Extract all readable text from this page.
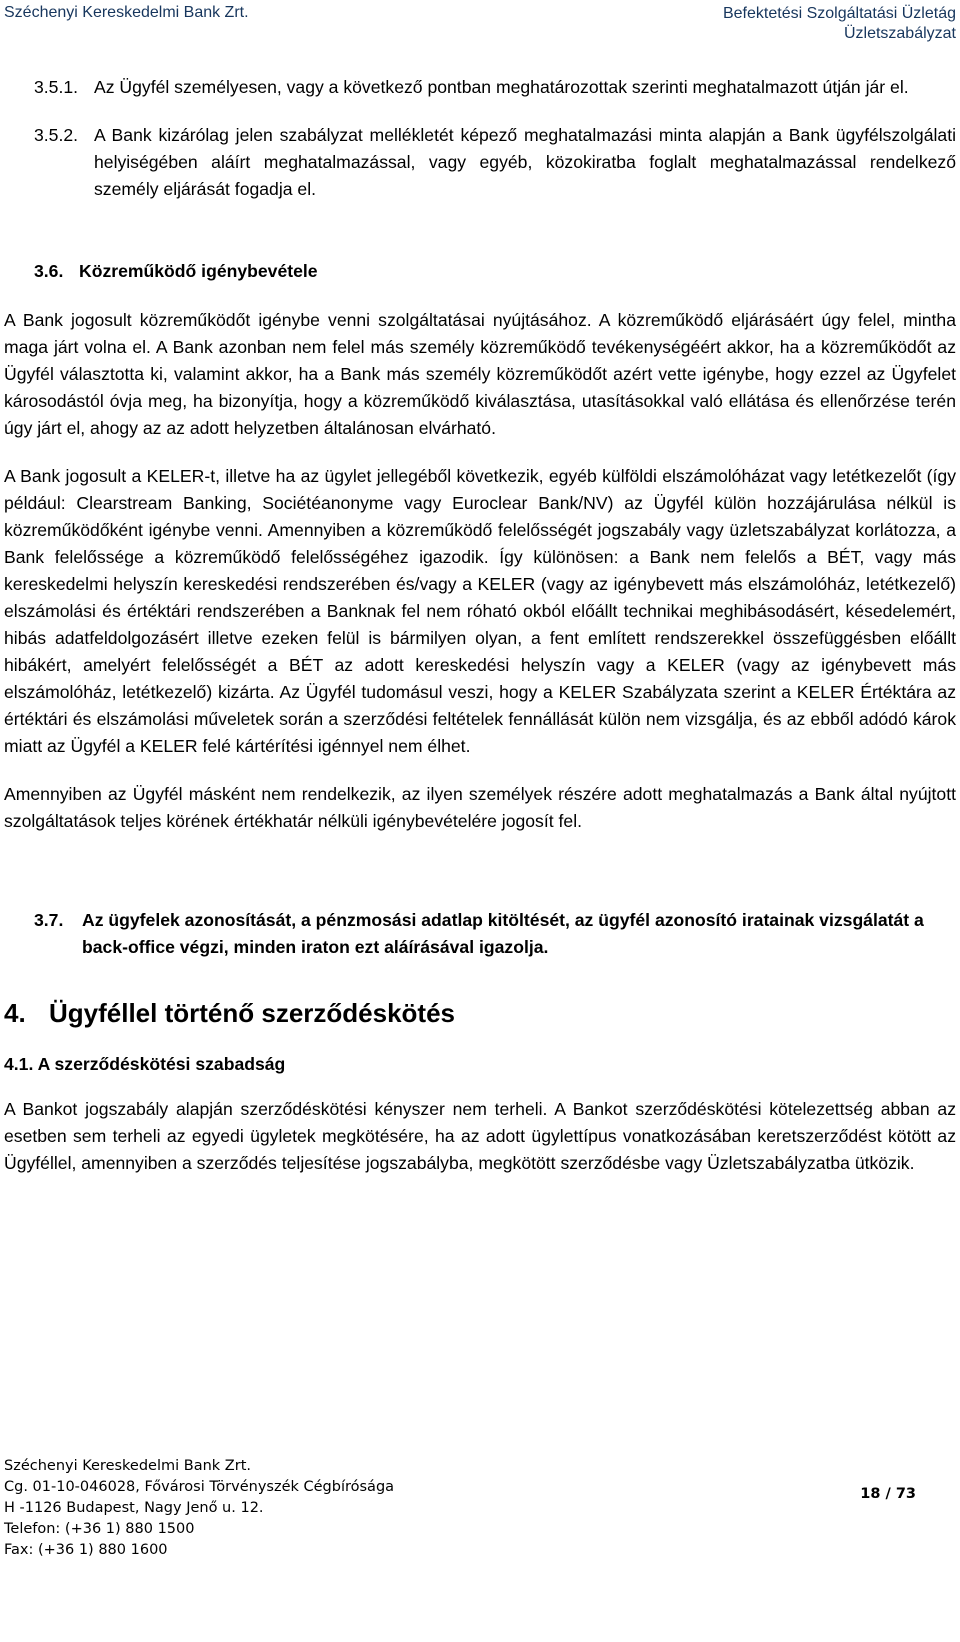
Széchenyi Kereskedelmi Bank Zrt.	Befektetési Szolgáltatási Üzletág
Üzletszabályzat
3.5.1. Az Ügyfél személyesen, vagy a következő pontban meghatározottak szerinti meghatalmazott útján jár el.

3.5.2. A Bank kizárólag jelen szabályzat mellékletét képező meghatalmazási minta alapján a Bank ügyfélszolgálati helyiségében aláírt meghatalmazással, vagy egyéb, közokiratba foglalt meghatalmazással rendelkező személy eljárását fogadja el.

3.6. Közreműködő igénybevétele

A Bank jogosult közreműködőt igénybe venni szolgáltatásai nyújtásához. A közreműködő eljárásáért úgy felel, mintha maga járt volna el. A Bank azonban nem felel más személy közreműködő tevékenységéért akkor, ha a közreműködőt az Ügyfél választotta ki, valamint akkor, ha a Bank más személy közreműködőt azért vette igénybe, hogy ezzel az Ügyfelet károsodástól óvja meg, ha bizonyítja, hogy a közreműködő kiválasztása, utasításokkal való ellátása és ellenőrzése terén úgy járt el, ahogy az az adott helyzetben általánosan elvárható.

A Bank jogosult a KELER-t, illetve ha az ügylet jellegéből következik, egyéb külföldi elszámolóházat vagy letétkezelőt (így például: Clearstream Banking, Sociétéanonyme vagy Euroclear Bank/NV) az Ügyfél külön hozzájárulása nélkül is közreműködőként igénybe venni. Amennyiben a közreműködő felelősségét jogszabály vagy üzletszabályzat korlátozza, a Bank felelőssége a közreműködő felelősségéhez igazodik. Így különösen: a Bank nem felelős a BÉT, vagy más kereskedelmi helyszín kereskedési rendszerében és/vagy a KELER (vagy az igénybevett más elszámolóház, letétkezelő) elszámolási és értéktári rendszerében a Banknak fel nem róható okból előállt technikai meghibásodásért, késedelemért, hibás adatfeldolgozásért illetve ezeken felül is bármilyen olyan, a fent említett rendszerekkel összefüggésben előállt hibákért, amelyért felelősségét a BÉT az adott kereskedési helyszín vagy a KELER (vagy az igénybevett más elszámolóház, letétkezelő) kizárta. Az Ügyfél tudomásul veszi, hogy a KELER Szabályzata szerint a KELER Értéktára az értéktári és elszámolási műveletek során a szerződési feltételek fennállását külön nem vizsgálja, és az ebből adódó károk miatt az Ügyfél a KELER felé kártérítési igénnyel nem élhet.

Amennyiben az Ügyfél másként nem rendelkezik, az ilyen személyek részére adott meghatalmazás a Bank által nyújtott szolgáltatások teljes körének értékhatár nélküli igénybevételére jogosít fel.

3.7.	Az ügyfelek azonosítását, a pénzmosási adatlap kitöltését, az ügyfél azonosító iratainak vizsgálatát a back-office végzi, minden iraton ezt aláírásával igazolja.

4. Ügyféllel történő szerződéskötés

4.1. A szerződéskötési szabadság

A Bankot jogszabály alapján szerződéskötési kényszer nem terheli. A Bankot szerződéskötési kötelezettség abban az esetben sem terheli az egyedi ügyletek megkötésére, ha az adott ügylettípus vonatkozásában keretszerződést kötött az Ügyféllel, amennyiben a szerződés teljesítése jogszabályba, megkötött szerződésbe vagy Üzletszabályzatba ütközik.

Széchenyi Kereskedelmi Bank Zrt.
Cg. 01-10-046028, Fővárosi Törvényszék Cégbírósága
H -1126 Budapest, Nagy Jenő u. 12.
Telefon: (+36 1) 880 1500
Fax: (+36 1) 880 1600
18 / 73
